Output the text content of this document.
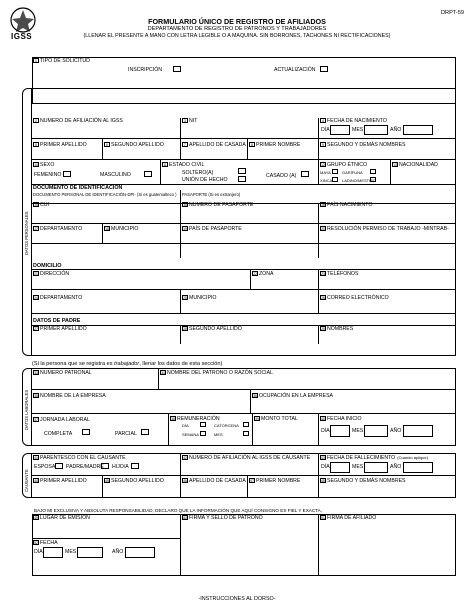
DRPT-59
IGSS
FORMULARIO ÚNICO DE REGISTRO DE AFILIADOS
DEPARTAMENTO DE REGISTRO DE PATRONOS Y TRABAJADORES
(LLENAR EL PRESENTE A MANO CON LETRA LEGIBLE O A MAQUINA. SIN BORRONES, TACHONES NI RECTIFICACIONES)
1 TIPO DE SOLICITUD
INSCRIPCIÓN	ACTUALIZACIÓN
DATOS PERSONALES
2 NUMERO DE AFILIACIÓN AL IGSS	3 NIT	4 FECHA DE NACIMIENTO
DÍA	MES	AÑO
5 PRIMER APELLIDO	6 SEGUNDO APELLIDO	7 APELLIDO DE CASADA	8 PRIMER NOMBRE	9 SEGUNDO Y DEMÁS NOMBRES
10 SEXO
FEMENINO	MASCULINO
11 ESTADO CIVIL
SOLTERO(A)
UNIÓN DE HECHO
CASADO (A)
12 GRUPO ÉTNICO
MAYA	GARÍFUNA
XINCA LADINO/MESTIZO
13 NACIONALIDAD
DOCUMENTO DE IDENTIFICACIÓN
DOCUMENTO PERSONAL DE IDENTIFICACIÓN-DPI- (Si es guatemalteco ) PASAPORTE (Si es extranjero)
14 CUI	15 NUMERO DE PASAPORTE	16 PAÍS NACIMIENTO
17 DEPARTAMENTO	18 MUNICIPIO	19 PAÍS DE PASAPORTE	20 RESOLUCIÓN PERMISO DE TRABAJO -MINTRAB-
DOMICILIO
21 DIRECCIÓN	22 ZONA	23 TELÉFONOS
24 DEPARTAMENTO	25 MUNICIPIO	26 CORREO ELECTRÓNICO
DATOS DE PADRE
27 PRIMER APELLIDO	28 SEGUNDO APELLIDO	29 NOMBRES
(Si la persona que se registra es trabajador, llenar los datos de esta sección)
DATOS LABORALES
33 NUMERO PATRONAL	34 NOMBRE DEL PATRONO O RAZÓN SOCIAL
35 NOMBRE DE LA EMPRESA	36 OCUPACIÓN EN LA EMPRESA
37 JORNADA LABORAL
COMPLETA	PARCIAL
38 REMUNERACIÓN
DÍA	CATORCENA
SEMANA	MES
39 MONTO TOTAL	40 FECHA INICIO
DÍA	MES	AÑO
CAUSANTE
41 PARENTESCO CON EL CAUSANTE
ESPOSA PADRE/MADRE HIJO/A
42 NUMERO DE AFILIACIÓN AL IGSS DE CAUSANTE	43 FECHA DE FALLECIMIENTO (Cuando aplique)
DÍA	MES	AÑO
44 PRIMER APELLIDO	45 SEGUNDO APELLIDO	46 APELLIDO DE CASADA	47 PRIMER NOMBRE	48 SEGUNDO Y DEMÁS NOMBRES
BAJO MI EXCLUSIVA Y ABSOLUTA RESPONSABILIDAD, DECLARO QUE LA INFORMACIÓN QUE AQUÍ CONSIGNO ES FIEL Y EXACTA.
49 LUGAR DE EMISIÓN	50 FIRMA Y SELLO DE PATRONO	51 FIRMA DE AFILIADO
52 FECHA
DÍA	MES	AÑO
-INSTRUCCIONES AL DORSO-
